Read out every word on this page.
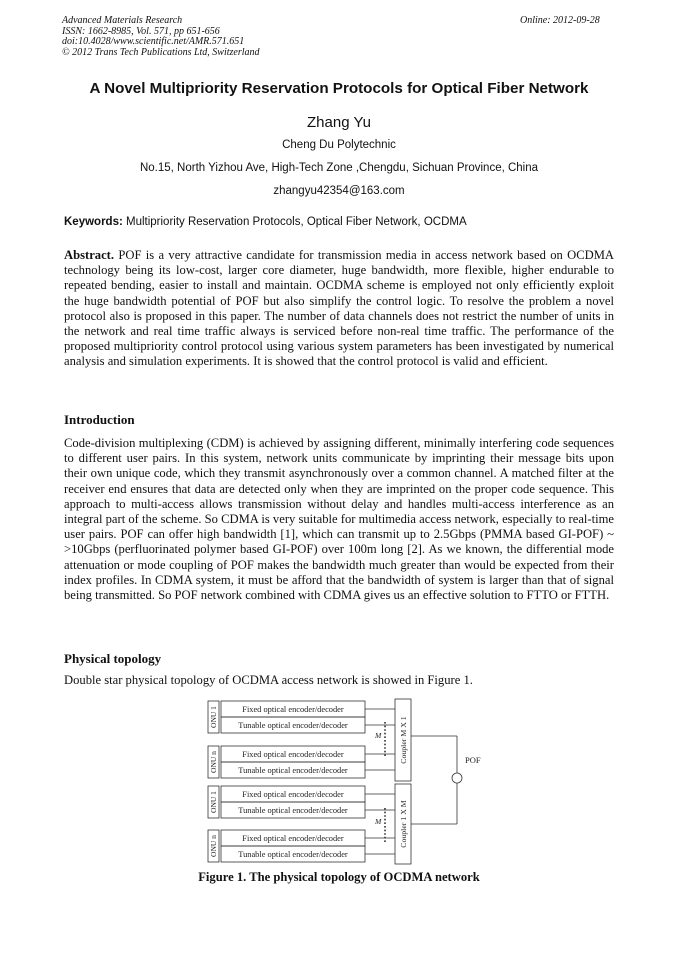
Advanced Materials Research
ISSN: 1662-8985, Vol. 571, pp 651-656
doi:10.4028/www.scientific.net/AMR.571.651
© 2012 Trans Tech Publications Ltd, Switzerland
Online: 2012-09-28
A Novel Multipriority Reservation Protocols for Optical Fiber Network
Zhang Yu
Cheng Du Polytechnic
No.15, North Yizhou Ave, High-Tech Zone ,Chengdu, Sichuan Province, China
zhangyu42354@163.com
Keywords: Multipriority Reservation Protocols, Optical Fiber Network, OCDMA

Abstract. POF is a very attractive candidate for transmission media in access network based on OCDMA technology being its low-cost, larger core diameter, huge bandwidth, more flexible, higher endurable to repeated bending, easier to install and maintain. OCDMA scheme is employed not only efficiently exploit the huge bandwidth potential of POF but also simplify the control logic. To resolve the problem a novel protocol also is proposed in this paper. The number of data channels does not restrict the number of units in the network and real time traffic always is serviced before non-real time traffic. The performance of the proposed multipriority control protocol using various system parameters has been investigated by numerical analysis and simulation experiments. It is showed that the control protocol is valid and efficient.

Introduction

Code-division multiplexing (CDM) is achieved by assigning different, minimally interfering code sequences to different user pairs. In this system, network units communicate by imprinting their message bits upon their own unique code, which they transmit asynchronously over a common channel. A matched filter at the receiver end ensures that data are detected only when they are imprinted on the proper code sequence. This approach to multi-access allows transmission without delay and handles multi-access interference as an integral part of the scheme. So CDMA is very suitable for multimedia access network, especially to real-time user pairs. POF can offer high bandwidth [1], which can transmit up to 2.5Gbps (PMMA based GI-POF) ~ >10Gbps (perfluorinated polymer based GI-POF) over 100m long [2]. As we known, the differential mode attenuation or mode coupling of POF makes the bandwidth much greater than would be expected from their index profiles. In CDMA system, it must be afford that the bandwidth of system is larger than that of signal being transmitted. So POF network combined with CDMA gives us an effective solution to FTTO or FTTH.

Physical topology

Double star physical topology of OCDMA access network is showed in Figure 1.

ONU 1	Fixed optical encoder/decoder
Tunable optical encoder/decoder
ONU n	Fixed optical encoder/decoder
Tunable optical encoder/decoder
M Coupler M X 1
ONU 1	Fixed optical encoder/decoder
Tunable optical encoder/decoder
ONU n	Fixed optical encoder/decoder
Tunable optical encoder/decoder
M Coupler 1 X M
POF
Figure 1. The physical topology of OCDMA network
